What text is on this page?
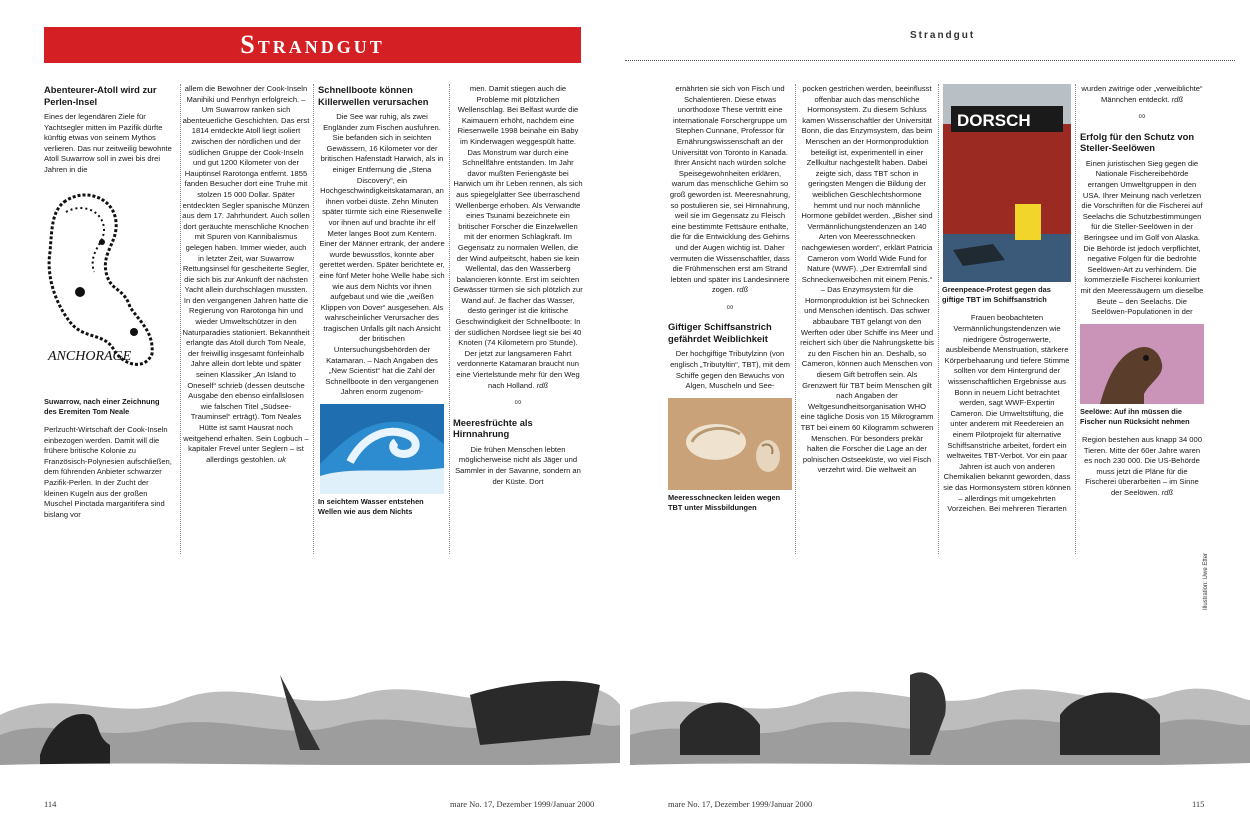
Strandgut	Strandgut
Abenteurer-Atoll wird zur Perlen-Insel

Eines der legendären Ziele für Yachtsegler mitten im Pazifik dürfte künftig etwas von seinem Mythos verlieren. Das nur zeitweilig bewohnte Atoll Suwarrow soll in zwei bis drei Jahren in die

ANCHORAGE

Suwarrow, nach einer Zeichnung des Eremiten Tom Neale

Perlzucht-Wirtschaft der Cook-Inseln einbezogen werden. Damit will die frühere britische Kolonie zu Französisch-Polynesien aufschließen, dem führenden Anbieter schwarzer Pazifik-Perlen. In der Zucht der kleinen Kugeln aus der großen Muschel Pinctada margaritifera sind bislang vor

allem die Bewohner der Cook-Inseln Manihiki und Penrhyn erfolgreich. – Um Suwarrow ranken sich abenteuerliche Geschichten. Das erst 1814 entdeckte Atoll liegt isoliert zwischen der nördlichen und der südlichen Gruppe der Cook-Inseln und gut 1200 Kilometer von der Hauptinsel Rarotonga entfernt. 1855 fanden Besucher dort eine Truhe mit stolzen 15 000 Dollar. Später entdeckten Segler spanische Münzen aus dem 17. Jahrhundert. Auch sollen dort geräuchte menschliche Knochen mit Spuren von Kannibalismus gelegen haben. Immer wieder, auch in letzter Zeit, war Suwarrow Rettungsinsel für gescheiterte Segler, die sich bis zur Ankunft der nächsten Yacht allein durchschlagen mussten. In den vergangenen Jahren hatte die Regierung von Rarotonga hin und wieder Umweltschützer in den Naturparadies stationiert. Bekanntheit erlangte das Atoll durch Tom Neale, der freiwillig insgesamt fünfeinhalb Jahre allein dort lebte und später seinen Klassiker „An Island to Oneself“ schrieb (dessen deutsche Ausgabe den ebenso einfallslosen wie falschen Titel „Südsee-Trauminsel“ erträgt). Tom Neales Hütte ist samt Hausrat noch weitgehend erhalten. Sein Logbuch – kapitaler Frevel unter Seglern – ist allerdings gestohlen. uk

Schnellboote können Killerwellen verursachen

Die See war ruhig, als zwei Engländer zum Fischen ausfuhren. Sie befanden sich in seichten Gewässern, 16 Kilometer vor der britischen Hafenstadt Harwich, als in einiger Entfernung die „Stena Discovery“, ein Hochgeschwindigkeitskatamaran, an ihnen vorbei düste. Zehn Minuten später türmte sich eine Riesenwelle vor ihnen auf und brachte ihr elf Meter langes Boot zum Kentern. Einer der Männer ertrank, der andere wurde bewusstlos, konnte aber gerettet werden. Später berichtete er, eine fünf Meter hohe Welle habe sich wie aus dem Nichts vor ihnen aufgebaut und wie die „weißen Klippen von Dover“ ausgesehen. Als wahrscheinlicher Verursacher des tragischen Unfalls gilt nach Ansicht der britischen Untersuchungsbehörden der Katamaran. – Nach Angaben des „New Scientist“ hat die Zahl der Schnellboote in den vergangenen Jahren enorm zugenom-

In seichtem Wasser entstehen Wellen wie aus dem Nichts

men. Damit stiegen auch die Probleme mit plötzlichen Wellenschlag. Bei Belfast wurde die Kaimauern erhöht, nachdem eine Riesenwelle 1998 beinahe ein Baby im Kinderwagen weggespült hatte. Das Monstrum war durch eine Schnellfähre entstanden. Im Jahr davor mußten Feriengäste bei Harwich um ihr Leben rennen, als sich aus spiegelglatter See überraschend Wellenberge erhoben. Als Verwandte eines Tsunami bezeichnete ein britischer Forscher die Einzelwellen mit der enormen Schlagkraft. Im Gegensatz zu normalen Wellen, die der Wind aufpeitscht, haben sie kein Wellental, das den Wasserberg balancieren könnte. Erst im seichten Gewässer türmen sie sich plötzlich zur Wand auf. Je flacher das Wasser, desto geringer ist die kritische Geschwindigkeit der Schnellboote: In der südlichen Nordsee liegt sie bei 40 Knoten (74 Kilometern pro Stunde). Der jetzt zur langsameren Fahrt verdonnerte Katamaran braucht nun eine Viertelstunde mehr für den Weg nach Holland. rdß

∞
Meeresfrüchte als Hirnnahrung

Die frühen Menschen lebten möglicherweise nicht als Jäger und Sammler in der Savanne, sondern an der Küste. Dort

ernährten sie sich von Fisch und Schalentieren. Diese etwas unorthodoxe These vertritt eine internationale Forschergruppe um Stephen Cunnane, Professor für Ernährungswissenschaft an der Universität von Toronto in Kanada. Ihrer Ansicht nach würden solche Speisegewohnheiten erklären, warum das menschliche Gehirn so groß geworden ist. Meeresnahrung, so postulieren sie, sei Hirnnahrung, weil sie im Gegensatz zu Fleisch eine bestimmte Fettsäure enthalte, die für die Entwicklung des Gehirns und der Augen wichtig ist. Daher vermuten die Wissenschaftler, dass die Frühmenschen erst am Strand lebten und später ins Landesinnere zogen. rdß

∞
Giftiger Schiffsanstrich gefährdet Weiblichkeit

Der hochgiftige Tributylzinn (von englisch „Tributyltin“, TBT), mit dem Schiffe gegen den Bewuchs von Algen, Muscheln und See-

Meeresschnecken leiden wegen TBT unter Missbildungen

pocken gestrichen werden, beeinflusst offenbar auch das menschliche Hormonsystem. Zu diesem Schluss kamen Wissenschaftler der Universität Bonn, die das Enzymsystem, das beim Menschen an der Hormonproduktion beteiligt ist, experimentell in einer Zellkultur nachgestellt haben. Dabei zeigte sich, dass TBT schon in geringsten Mengen die Bildung der weiblichen Geschlechtshormone hemmt und nur noch männliche Hormone gebildet werden. „Bisher sind Vermännlichungstendenzen an 140 Arten von Meeresschnecken nachgewiesen worden“, erklärt Patricia Cameron vom World Wide Fund for Nature (WWF). „Der Extremfall sind Schneckenweibchen mit einem Penis.“ – Das Enzymsystem für die Hormonproduktion ist bei Schnecken und Menschen identisch. Das schwer abbaubare TBT gelangt von den Werften oder über Schiffe ins Meer und reichert sich über die Nahrungskette bis zu den Fischen hin an. Deshalb, so Cameron, können auch Menschen von diesem Gift betroffen sein. Als Grenzwert für TBT beim Menschen gilt nach Angaben der Weltgesundheitsorganisation WHO eine tägliche Dosis von 15 Mikrogramm TBT bei einem 60 Kilogramm schweren Menschen. Für besonders prekär halten die Forscher die Lage an der polnischen Ostseeküste, wo viel Fisch verzehrt wird. Die weltweit an

DORSCH

Greenpeace-Protest gegen das giftige TBT im Schiffsanstrich

Frauen beobachteten Vermännlichungstendenzen wie niedrigere Östrogenwerte, ausbleibende Menstruation, stärkere Körperbehaarung und tiefere Stimme sollten vor dem Hintergrund der wissenschaftlichen Ergebnisse aus Bonn in neuem Licht betrachtet werden, sagt WWF-Expertin Cameron. Die Umweltstiftung, die unter anderem mit Reedereien an einem Pilotprojekt für alternative Schiffsanstriche arbeitet, fordert ein weltweites TBT-Verbot. Vor ein paar Jahren ist auch von anderen Chemikalien bekannt geworden, dass sie das Hormonsystem stören können – allerdings mit umgekehrten Vorzeichen. Bei mehreren Tierarten

wurden zwitrige oder „verweiblichte“ Männchen entdeckt. rdß

∞
Erfolg für den Schutz von Steller-Seelöwen

Einen juristischen Sieg gegen die Nationale Fischereibehörde errangen Umweltgruppen in den USA. Ihrer Meinung nach verletzen die Vorschriften für die Fischerei auf Seelachs die Schutzbestimmungen für die Steller-Seelöwen in der Beringsee und im Golf von Alaska. Die Behörde ist jedoch verpflichtet, negative Folgen für die bedrohte Seelöwen-Art zu verhindern. Die kommerzielle Fischerei konkurriert mit den Meeressäugern um dieselbe Beute – den Seelachs. Die Seelöwen-Populationen in der

Seelöwe: Auf ihn müssen die Fischer nun Rücksicht nehmen

Region bestehen aus knapp 34 000 Tieren. Mitte der 60er Jahre waren es noch 230 000. Die US-Behörde muss jetzt die Pläne für die Fischerei überarbeiten – im Sinne der Seelöwen. rdß

Illustration: Uwe Etter
114	mare No. 17, Dezember 1999/Januar 2000	mare No. 17, Dezember 1999/Januar 2000	115
